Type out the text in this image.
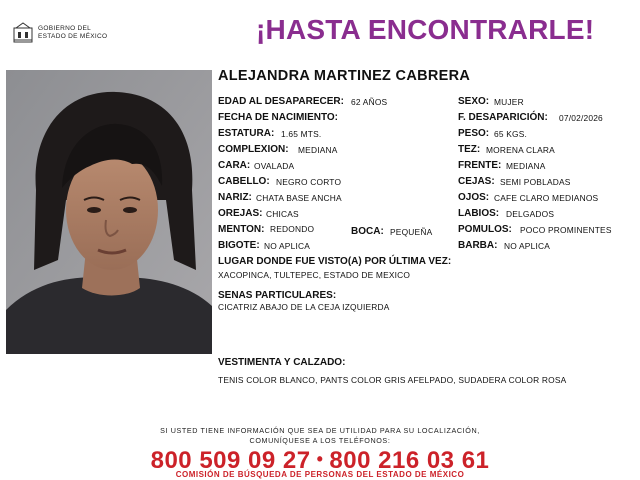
GOBIERNO DEL
ESTADO DE MÉXICO	¡HASTA ENCONTRARLE!
ALEJANDRA MARTINEZ CABRERA
EDAD AL DESAPARECER: 62 AÑOS
FECHA DE NACIMIENTO:
ESTATURA: 1.65 MTS.
COMPLEXION: MEDIANA
CARA: OVALADA
CABELLO: NEGRO CORTO
NARIZ: CHATA BASE ANCHA
OREJAS: CHICAS
MENTON: REDONDO	BOCA: PEQUEÑA
BIGOTE: NO APLICA
SEXO: MUJER
F. DESAPARICIÓN: 07/02/2026
PESO: 65 KGS.
TEZ: MORENA CLARA
FRENTE: MEDIANA
CEJAS: SEMI POBLADAS
OJOS: CAFE CLARO MEDIANOS
LABIOS: DELGADOS
POMULOS: POCO PROMINENTES
BARBA: NO APLICA
LUGAR DONDE FUE VISTO(A) POR ÚLTIMA VEZ:
XACOPINCA, TULTEPEC, ESTADO DE MEXICO
SENAS PARTICULARES:
CICATRIZ ABAJO DE LA CEJA IZQUIERDA
VESTIMENTA Y CALZADO:
TENIS COLOR BLANCO, PANTS COLOR GRIS AFELPADO, SUDADERA COLOR ROSA
SI USTED TIENE INFORMACIÓN QUE SEA DE UTILIDAD PARA SU LOCALIZACIÓN,
COMUNÍQUESE A LOS TELÉFONOS:
800 509 09 27 • 800 216 03 61
COMISIÓN DE BÚSQUEDA DE PERSONAS DEL ESTADO DE MÉXICO
